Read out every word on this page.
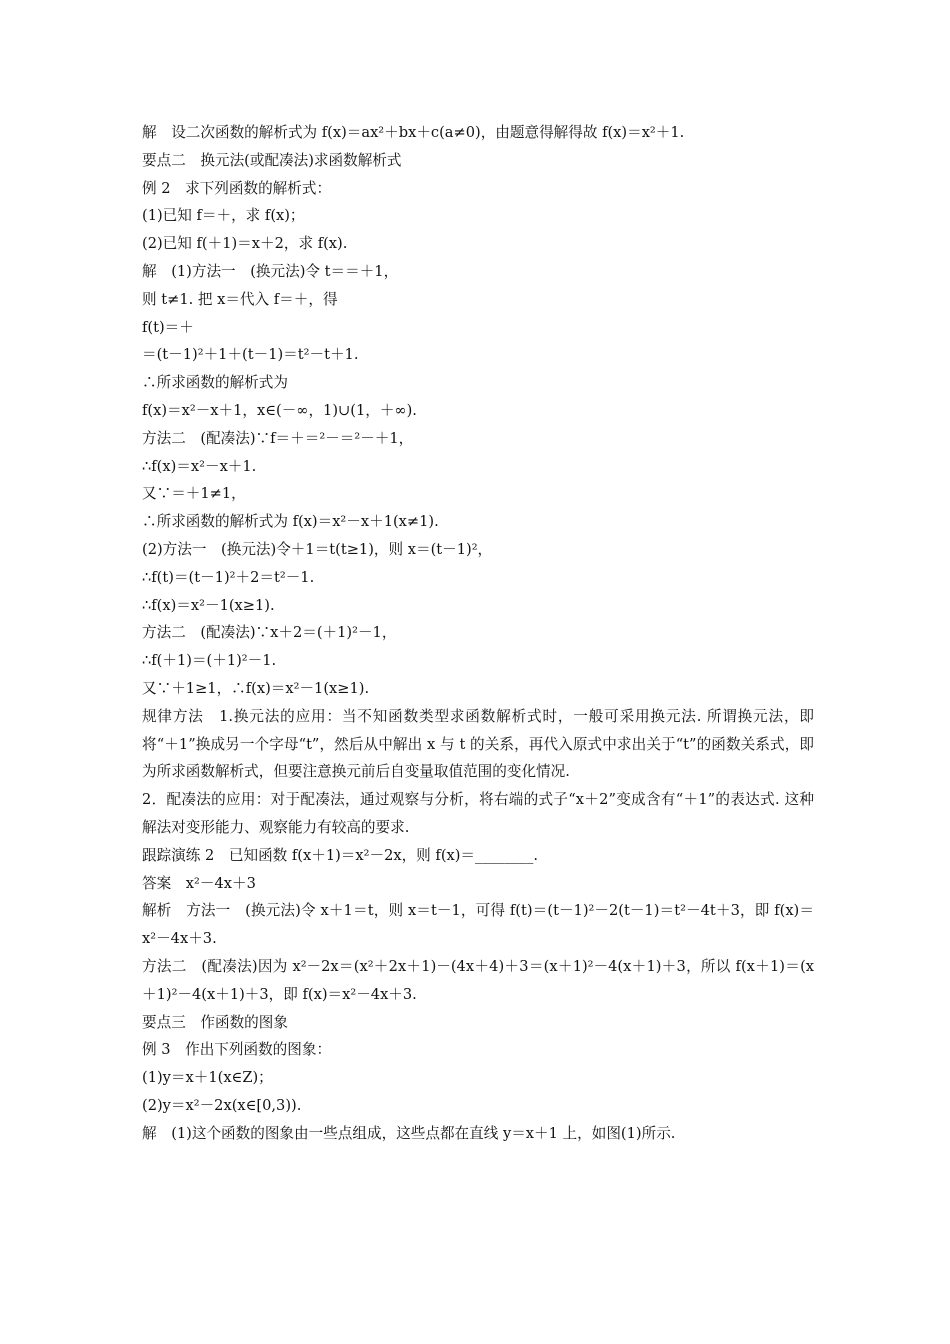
解　设二次函数的解析式为 f(x)＝ax²＋bx＋c(a≠0)，由题意得解得故 f(x)＝x²＋1.
要点二　换元法(或配凑法)求函数解析式
例 2　求下列函数的解析式：
(1)已知 f＝＋，求 f(x)；
(2)已知 f(＋1)＝x＋2，求 f(x).
解　(1)方法一　(换元法)令 t＝＝＋1，
则 t≠1. 把 x＝代入 f＝＋，得
f(t)＝＋
＝(t－1)²＋1＋(t－1)＝t²－t＋1.
∴所求函数的解析式为
f(x)＝x²－x＋1，x∈(－∞，1)∪(1，＋∞).
方法二　(配凑法)∵f＝＋＝²－＝²－＋1，
∴f(x)＝x²－x＋1.
又∵＝＋1≠1，
∴所求函数的解析式为 f(x)＝x²－x＋1(x≠1).
(2)方法一　(换元法)令＋1＝t(t≥1)，则 x＝(t－1)²，
∴f(t)＝(t－1)²＋2＝t²－1.
∴f(x)＝x²－1(x≥1).
方法二　(配凑法)∵x＋2＝(＋1)²－1，
∴f(＋1)＝(＋1)²－1.
又∵＋1≥1，∴f(x)＝x²－1(x≥1).
规律方法　1.换元法的应用：当不知函数类型求函数解析式时，一般可采用换元法. 所谓换元法，即将“＋1”换成另一个字母“t”，然后从中解出 x 与 t 的关系，再代入原式中求出关于“t”的函数关系式，即为所求函数解析式，但要注意换元前后自变量取值范围的变化情况.
2．配凑法的应用：对于配凑法，通过观察与分析，将右端的式子“x＋2”变成含有“＋1”的表达式. 这种解法对变形能力、观察能力有较高的要求.
跟踪演练 2　已知函数 f(x＋1)＝x²－2x，则 f(x)＝________.
答案　x²－4x＋3
解析　方法一　(换元法)令 x＋1＝t，则 x＝t－1，可得 f(t)＝(t－1)²－2(t－1)＝t²－4t＋3，即 f(x)＝x²－4x＋3.
方法二　(配凑法)因为 x²－2x＝(x²＋2x＋1)－(4x＋4)＋3＝(x＋1)²－4(x＋1)＋3，所以 f(x＋1)＝(x＋1)²－4(x＋1)＋3，即 f(x)＝x²－4x＋3.
要点三　作函数的图象
例 3　作出下列函数的图象：
(1)y＝x＋1(x∈Z)；
(2)y＝x²－2x(x∈[0,3)).
解　(1)这个函数的图象由一些点组成，这些点都在直线 y＝x＋1 上，如图(1)所示.
